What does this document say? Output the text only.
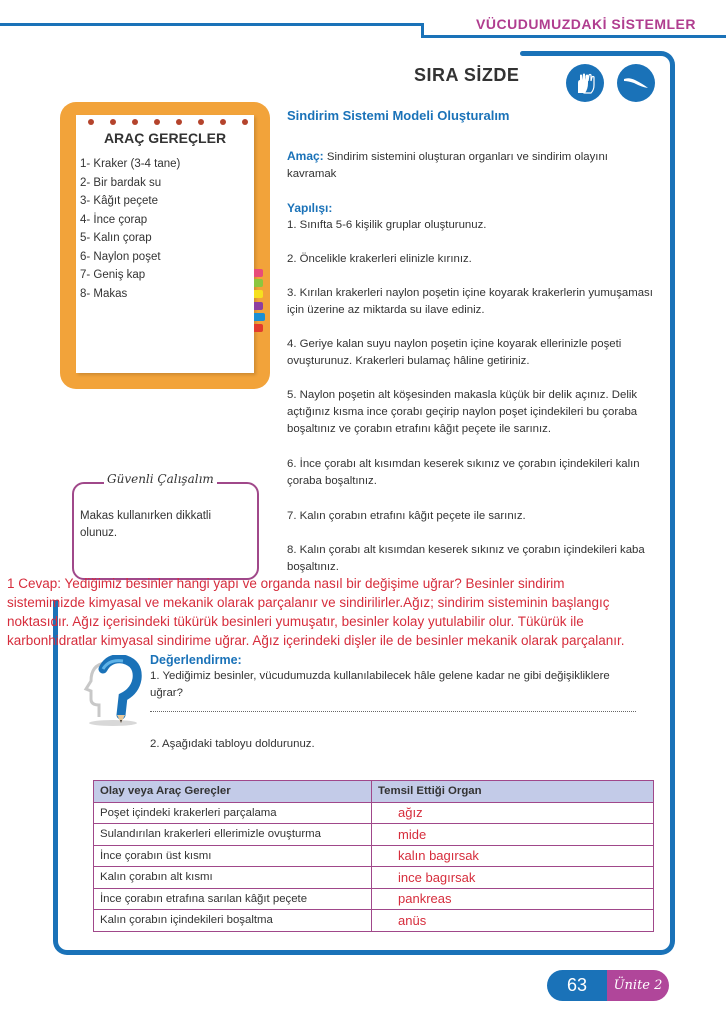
VÜCUDUMUZDAKİ SİSTEMLER
SIRA SİZDE
ARAÇ GEREÇLER
1- Kraker (3-4 tane)
2- Bir bardak su
3- Kâğıt peçete
4- İnce çorap
5- Kalın çorap
6- Naylon poşet
7- Geniş kap
8- Makas
Sindirim Sistemi Modeli Oluşturalım
Amaç: Sindirim sistemini oluşturan organları ve sindirim olayını kavramak
Yapılışı:
1. Sınıfta 5-6 kişilik gruplar oluşturunuz.
2. Öncelikle krakerleri elinizle kırınız.
3. Kırılan krakerleri naylon poşetin içine koyarak krakerlerin yumuşaması için üzerine az miktarda su ilave ediniz.
4. Geriye kalan suyu naylon poşetin içine koyarak ellerinizle poşeti ovuşturunuz. Krakerleri bulamaç hâline getiriniz.
5. Naylon poşetin alt köşesinden makasla küçük bir delik açınız. Delik açtığınız kısma ince çorabı geçirip naylon poşet içindekileri bu çoraba boşaltınız ve çorabın etrafını kâğıt peçete ile sarınız.
6. İnce çorabı alt kısımdan keserek sıkınız ve çorabın içindekileri kalın çoraba boşaltınız.
7. Kalın çorabın etrafını kâğıt peçete ile sarınız.
8. Kalın çorabı alt kısımdan keserek sıkınız ve çorabın içindekileri kaba boşaltınız.
Güvenli Çalışalım
Makas kullanırken dikkatli olunuz.
1 Cevap: Yediğimiz besinler hangi yapı ve organda nasıl bir değişime uğrar? Besinler sindirim
sistemimizde kimyasal ve mekanik olarak parçalanır ve sindirilirler.Ağız; sindirim sisteminin başlangıç
noktasıdır. Ağız içerisindeki tükürük besinleri yumuşatır, besinler kolay yutulabilir olur. Tükürük ile
karbonhidratlar kimyasal sindirime uğrar. Ağız içerindeki dişler ile de besinler mekanik olarak parçalanır.
Değerlendirme:
1. Yediğimiz besinler, vücudumuzda kullanılabilecek hâle gelene kadar ne gibi değişikliklere uğrar?
2. Aşağıdaki tabloyu doldurunuz.
Olay veya Araç Gereçler	Temsil Ettiği Organ
Poşet içindeki krakerleri parçalama	ağız
Sulandırılan krakerleri ellerimizle ovuşturma	mide
İnce çorabın üst kısmı	kalın bagırsak
Kalın çorabın alt kısmı	ince bagırsak
İnce çorabın etrafına sarılan kâğıt peçete	pankreas
Kalın çorabın içindekileri boşaltma	anüs
63	Ünite 2
